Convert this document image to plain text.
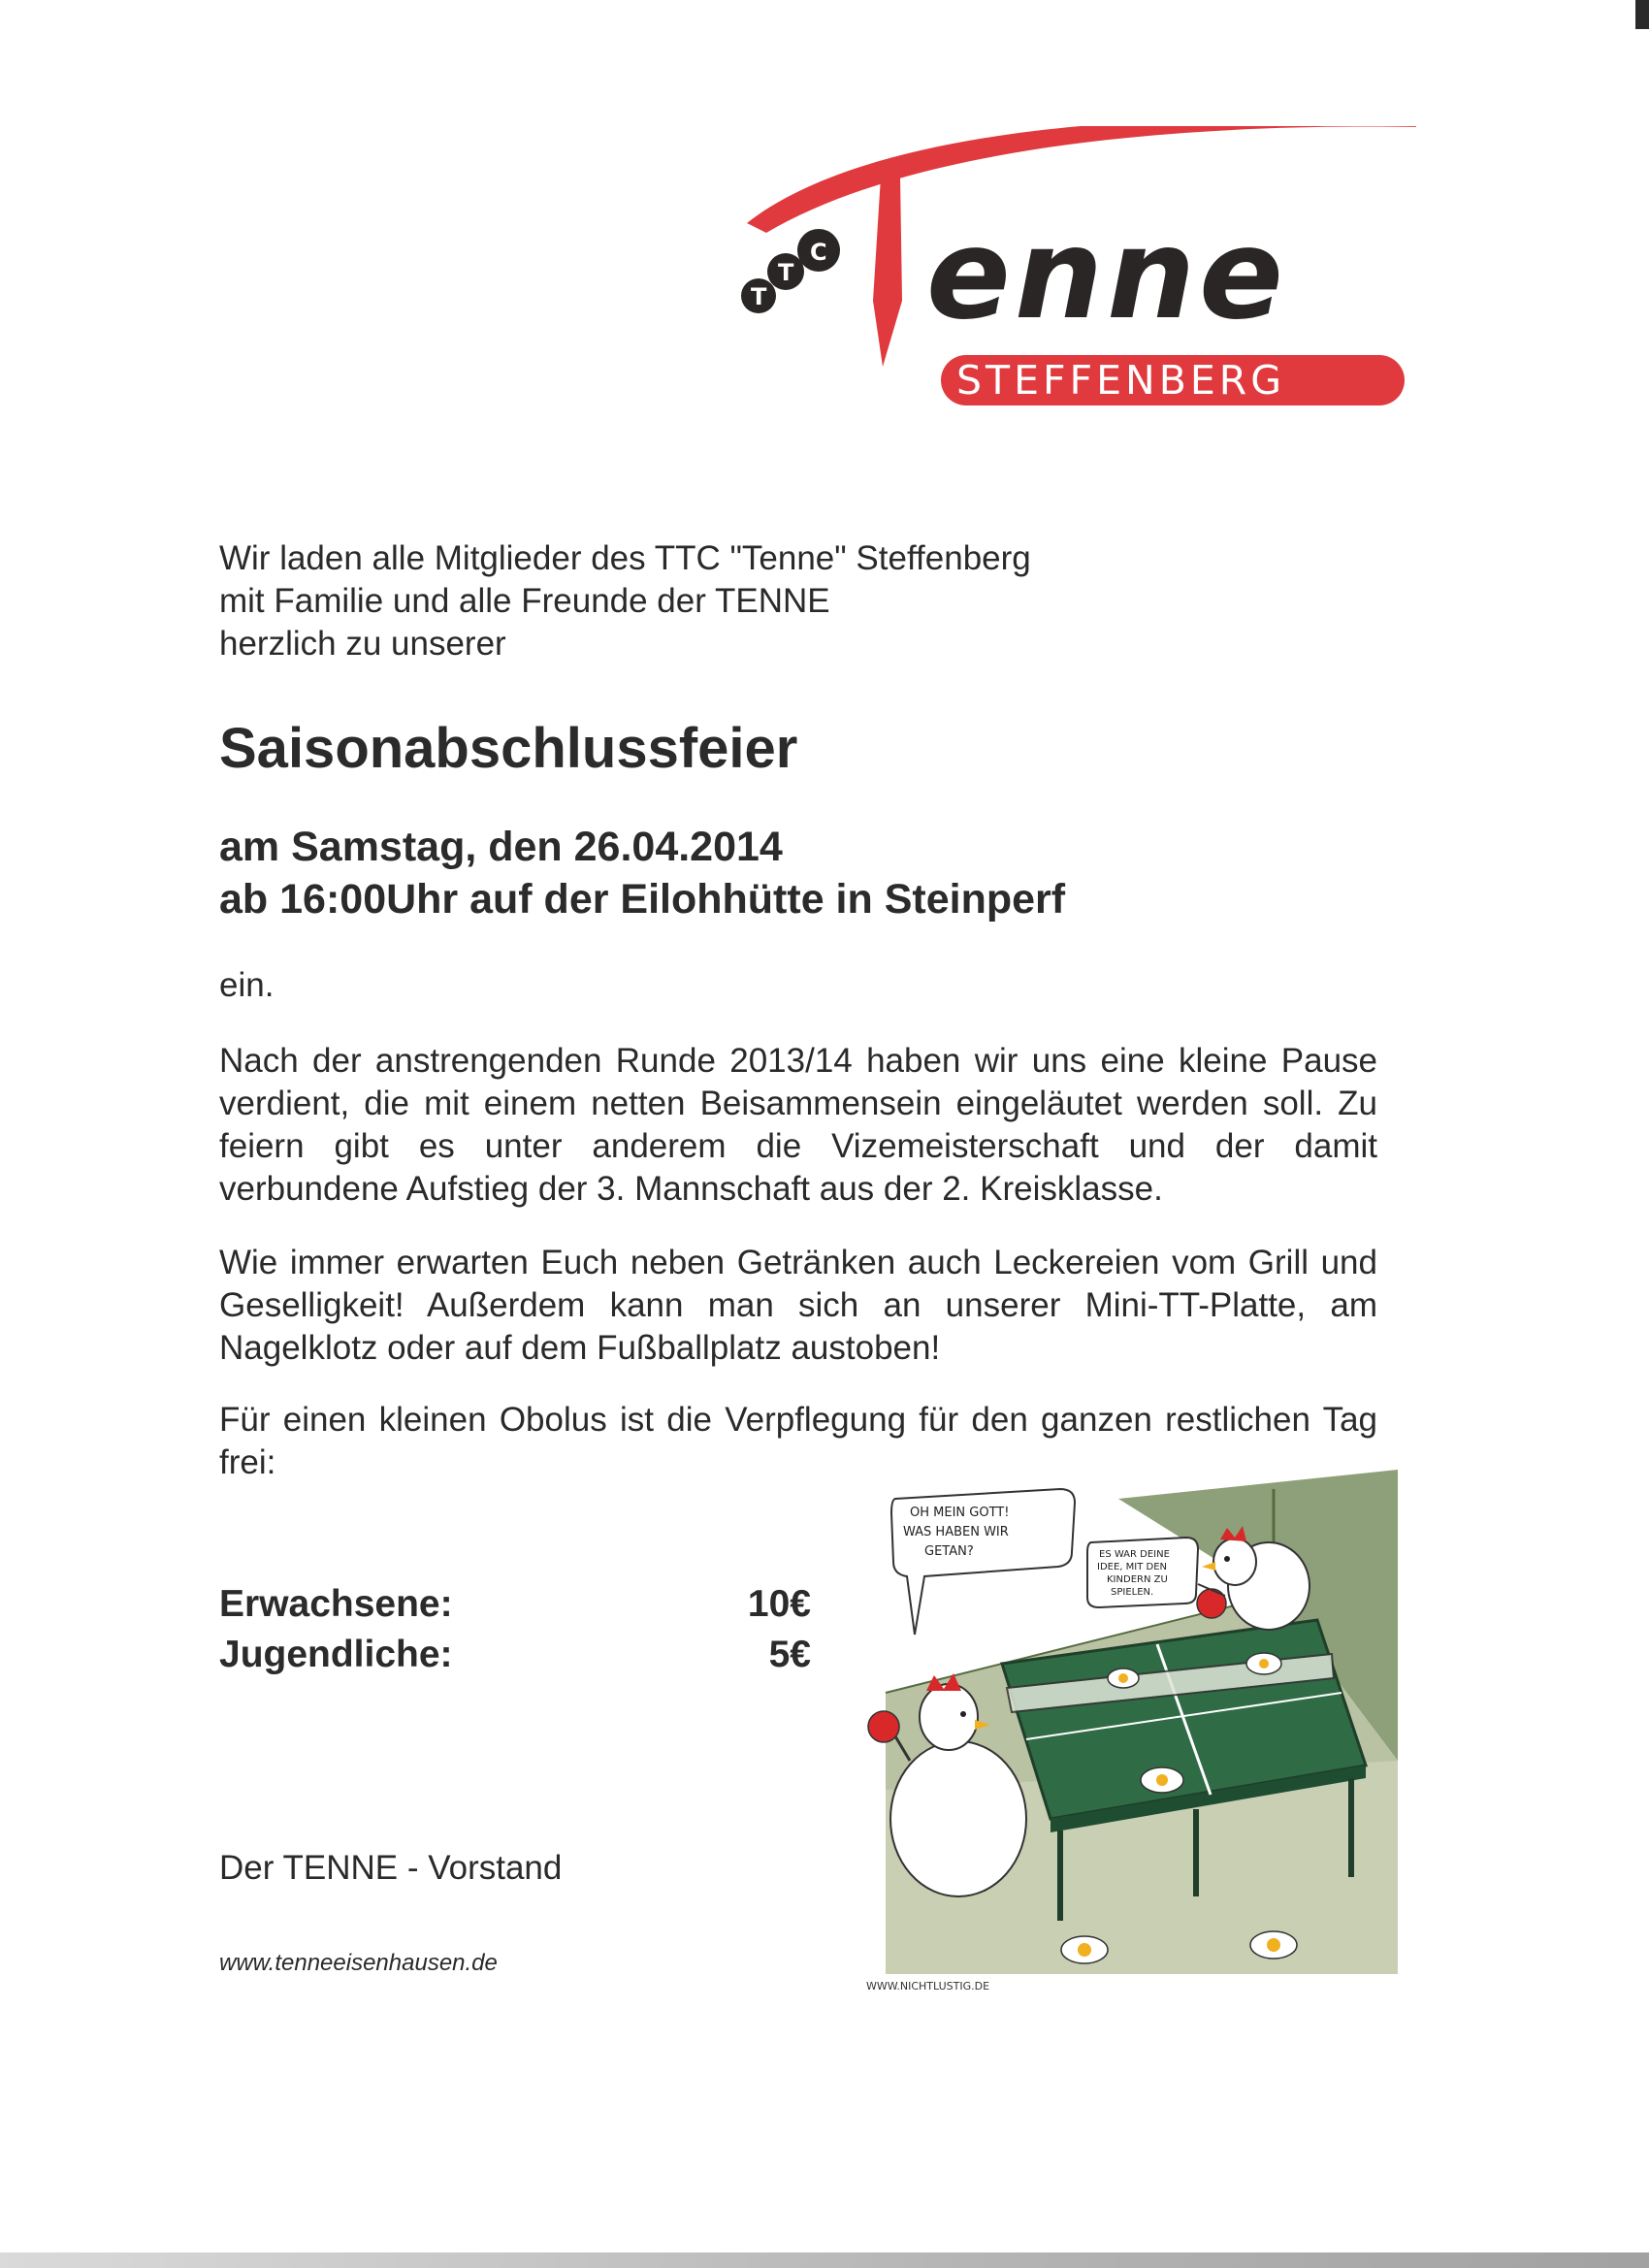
T
T
C enne
STEFFENBERG
Wir laden alle Mitglieder des TTC "Tenne" Steffenberg
mit Familie und alle Freunde der TENNE
herzlich zu unserer
Saisonabschlussfeier
am Samstag, den 26.04.2014
ab 16:00Uhr auf der Eilohhütte in Steinperf
ein.
Nach der anstrengenden Runde 2013/14 haben wir uns eine kleine Pause verdient, die mit einem netten Beisammensein eingeläutet werden soll. Zu feiern gibt es unter anderem die Vizemeisterschaft und der damit verbundene Aufstieg der 3. Mannschaft aus der 2. Kreisklasse.
Wie immer erwarten Euch neben Getränken auch Leckereien vom Grill und Geselligkeit! Außerdem kann man sich an unserer Mini-TT-Platte, am Nagelklotz oder auf dem Fußballplatz austoben!
Für einen kleinen Obolus ist die Verpflegung für den ganzen restlichen Tag frei:
Erwachsene:	10€
Jugendliche:	5€
OH MEIN GOTT!
WAS HABEN WIR
GETAN?	ES WAR DEINE
IDEE, MIT DEN
KINDERN ZU
SPIELEN.
WWW.NICHTLUSTIG.DE
Der TENNE - Vorstand
www.tenneeisenhausen.de
